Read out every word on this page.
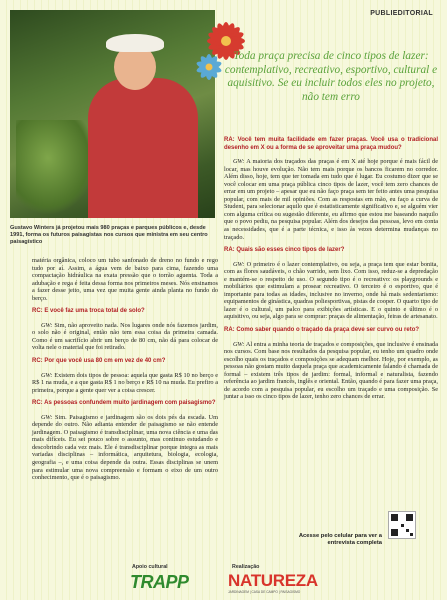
PUBLIEDITORIAL
Gustavo Winters já projetou mais 980 praças e parques públicos e, desde 1991, forma os futuros paisagistas nos cursos que ministra em seu centro paisagístico
Toda praça precisa de cinco tipos de lazer: contemplativo, recreativo, esportivo, cultural e aquisitivo. Se eu incluir todos eles no projeto, não tem erro

matéria orgânica, coloco um tubo sanfonado de dreno no fundo e rego tudo por aí. Assim, a água vem de baixo para cima, fazendo uma compactação hidráulica na exata pressão que o torrão aguenta. Toda a adubação e rega é feita dessa forma nos primeiros meses. Nós ensinamos a fazer desse jeito, uma vez que muita gente ainda planta no fundo do berço.

RC: E você faz uma troca total de solo?

GW: Sim, não aproveito nada. Nos lugares onde nós fazemos jardim, o solo não é original, então não tem essa coisa da primeira camada. Como é um sacrifício abrir um berço de 80 cm, não dá para colocar de volta nele o material que foi retirado.

RC: Por que você usa 80 cm em vez de 40 cm?

GW: Existem dois tipos de pessoa: aquela que gasta R$ 10 no berço e R$ 1 na muda, e a que gasta R$ 1 no berço e R$ 10 na muda. Eu prefiro a primeira, porque a gente quer ver a coisa crescer.

RC: As pessoas confundem muito jardinagem com paisagismo?

GW: Sim. Paisagismo e jardinagem são os dois pés da escada. Um depende do outro. Não adianta entender de paisagismo se não entende jardinagem. O paisagismo é transdisciplinar, uma nova ciência e uma das mais difíceis. Eu sei pouco sobre o assunto, mas continuo estudando e descobrindo cada vez mais. Ele é transdisciplinar porque integra as mais variadas disciplinas – informática, arquitetura, biologia, ecologia, geografia –, e uma coisa depende da outra. Essas disciplinas se unem para estimular uma nova compreensão e formam o eixo de um outro conhecimento, que é o paisagismo.

RA: Você tem muita facilidade em fazer praças. Você usa o tradicional desenho em X ou a forma de se aproveitar uma praça mudou?

GW: A maioria dos traçados das praças é em X até hoje porque é mais fácil de locar, mas houve evolução. Não tem mais porque os bancos ficarem no corredor. Além disso, hoje, tem que ter tomada em tudo que é lugar. Eu costumo dizer que se você colocar em uma praça pública cinco tipos de lazer, você tem zero chances de errar em um projeto – apesar que eu não faço praça sem ter feito antes uma pesquisa popular, com mais de mil opiniões. Com as respostas em mão, eu faço a curva de Student, para selecionar aquilo que é estatisticamente significativo e, se alguém vier com alguma crítica ou sugestão diferente, eu afirmo que estou me baseando naquilo que o povo pediu, na pesquisa popular. Além dos desejos das pessoas, levo em conta as necessidades, que é a parte técnica, e isso às vezes determina mudanças no traçado.

RA: Quais são esses cinco tipos de lazer?

GW: O primeiro é o lazer contemplativo, ou seja, a praça tem que estar bonita, com as flores saudáveis, o chão varrido, sem lixo. Com isso, reduz-se a depredação e mantém-se o respeito de uso. O segundo tipo é o recreativo: os playgrounds e mobiliários que estimulam a prosear recreativo. O terceiro é o esportivo, que é importante para todas as idades, inclusive no inverno, onde há mais sedentarismo: equipamentos de ginástica, quadras poliesportivas, pistas de cooper. O quarto tipo de lazer é o cultural, um palco para exibições artísticas. E o quinto e último é o aquisitivo, ou seja, algo para se comprar: praças de alimentação, feiras de artesanato.

RA: Como saber quando o traçado da praça deve ser curvo ou reto?

GW: Al entra a minha teoria de traçados e composições, que inclusive é ensinada nos cursos. Com base nos resultados da pesquisa popular, eu tenho um quadro onde escolho quais os traçados e composições se adequam melhor. Hoje, por exemplo, as pessoas não gostam muito daquela praça que academicamente falando é chamada de formal – existem três tipos de jardim: formal, informal e naturalista, fazendo referência ao jardim francês, inglês e oriental. Então, quando é para fazer uma praça, de acordo com a pesquisa popular, eu escolho um traçado e uma composição. Se juntar a isso os cinco tipos de lazer, tenho zero chances de errar.

Acesse pelo celular para ver a entrevista completa
Apoio cultural	Realização
TRAPP NATUREZA
JARDINAGEM | CASA DE CAMPO | PAISAGISMO
